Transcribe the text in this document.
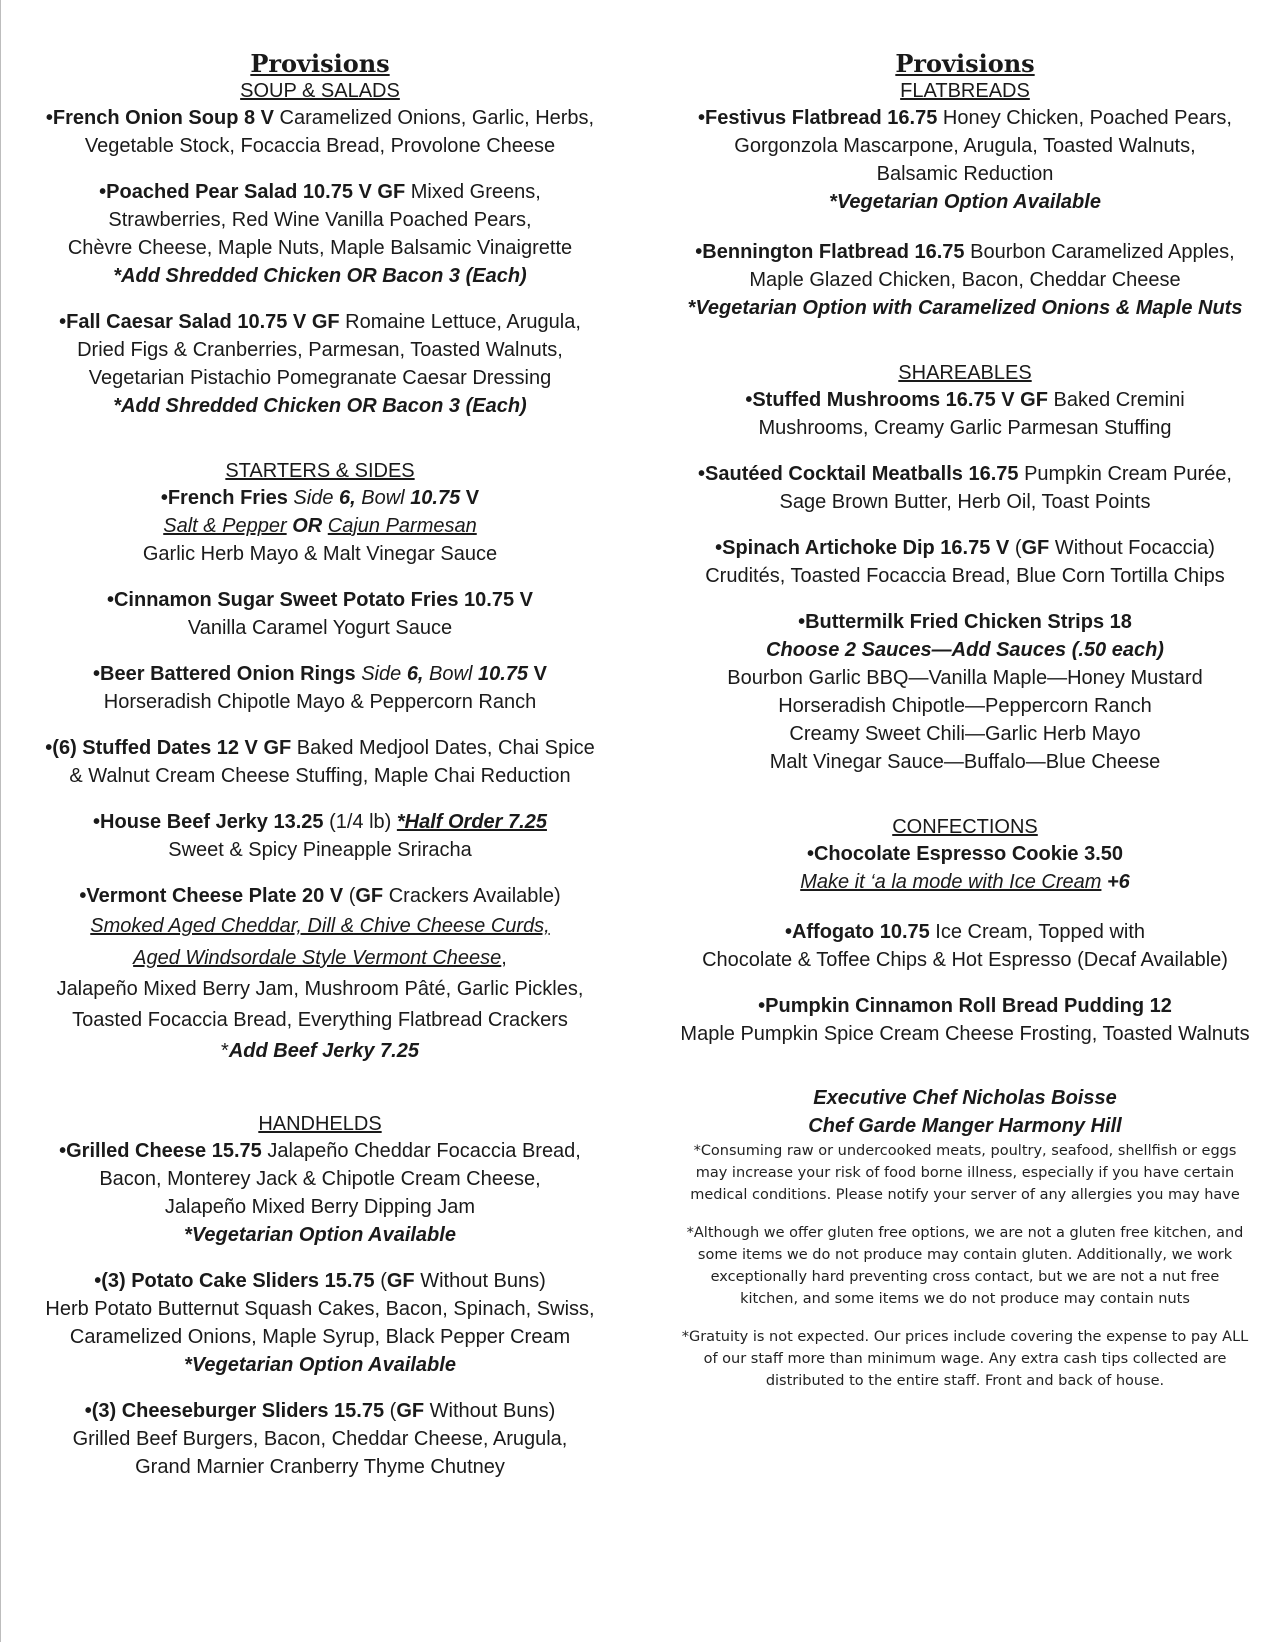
Provisions
SOUP & SALADS
•French Onion Soup 8 V Caramelized Onions, Garlic, Herbs,
Vegetable Stock, Focaccia Bread, Provolone Cheese
•Poached Pear Salad 10.75 V GF Mixed Greens,
Strawberries, Red Wine Vanilla Poached Pears,
Chèvre Cheese, Maple Nuts, Maple Balsamic Vinaigrette
*Add Shredded Chicken OR Bacon 3 (Each)
•Fall Caesar Salad 10.75 V GF Romaine Lettuce, Arugula,
Dried Figs & Cranberries, Parmesan, Toasted Walnuts,
Vegetarian Pistachio Pomegranate Caesar Dressing
*Add Shredded Chicken OR Bacon 3 (Each)
STARTERS & SIDES
•French Fries Side 6, Bowl 10.75 V
Salt & Pepper OR Cajun Parmesan
Garlic Herb Mayo & Malt Vinegar Sauce
•Cinnamon Sugar Sweet Potato Fries 10.75 V
Vanilla Caramel Yogurt Sauce
•Beer Battered Onion Rings Side 6, Bowl 10.75 V
Horseradish Chipotle Mayo & Peppercorn Ranch
•(6) Stuffed Dates 12 V GF Baked Medjool Dates, Chai Spice
& Walnut Cream Cheese Stuffing, Maple Chai Reduction
•House Beef Jerky 13.25 (1/4 lb) *Half Order 7.25
Sweet & Spicy Pineapple Sriracha
•Vermont Cheese Plate 20 V (GF Crackers Available)
Smoked Aged Cheddar, Dill & Chive Cheese Curds,
Aged Windsordale Style Vermont Cheese,
Jalapeño Mixed Berry Jam, Mushroom Pâté, Garlic Pickles,
Toasted Focaccia Bread, Everything Flatbread Crackers
*Add Beef Jerky 7.25
HANDHELDS
•Grilled Cheese 15.75 Jalapeño Cheddar Focaccia Bread,
Bacon, Monterey Jack & Chipotle Cream Cheese,
Jalapeño Mixed Berry Dipping Jam
*Vegetarian Option Available
•(3) Potato Cake Sliders 15.75 (GF Without Buns)
Herb Potato Butternut Squash Cakes, Bacon, Spinach, Swiss,
Caramelized Onions, Maple Syrup, Black Pepper Cream
*Vegetarian Option Available
•(3) Cheeseburger Sliders 15.75 (GF Without Buns)
Grilled Beef Burgers, Bacon, Cheddar Cheese, Arugula,
Grand Marnier Cranberry Thyme Chutney
Provisions
FLATBREADS
•Festivus Flatbread 16.75 Honey Chicken, Poached Pears,
Gorgonzola Mascarpone, Arugula, Toasted Walnuts,
Balsamic Reduction
*Vegetarian Option Available
•Bennington Flatbread 16.75 Bourbon Caramelized Apples,
Maple Glazed Chicken, Bacon, Cheddar Cheese
*Vegetarian Option with Caramelized Onions & Maple Nuts
SHAREABLES
•Stuffed Mushrooms 16.75 V GF Baked Cremini
Mushrooms, Creamy Garlic Parmesan Stuffing
•Sautéed Cocktail Meatballs 16.75 Pumpkin Cream Purée,
Sage Brown Butter, Herb Oil, Toast Points
•Spinach Artichoke Dip 16.75 V (GF Without Focaccia)
Crudités, Toasted Focaccia Bread, Blue Corn Tortilla Chips
•Buttermilk Fried Chicken Strips 18
Choose 2 Sauces—Add Sauces (.50 each)
Bourbon Garlic BBQ—Vanilla Maple—Honey Mustard
Horseradish Chipotle—Peppercorn Ranch
Creamy Sweet Chili—Garlic Herb Mayo
Malt Vinegar Sauce—Buffalo—Blue Cheese
CONFECTIONS
•Chocolate Espresso Cookie 3.50
Make it ‘a la mode with Ice Cream +6
•Affogato 10.75 Ice Cream, Topped with
Chocolate & Toffee Chips & Hot Espresso (Decaf Available)
•Pumpkin Cinnamon Roll Bread Pudding 12
Maple Pumpkin Spice Cream Cheese Frosting, Toasted Walnuts
Executive Chef Nicholas Boisse
Chef Garde Manger Harmony Hill
*Consuming raw or undercooked meats, poultry, seafood, shellfish or eggs
may increase your risk of food borne illness, especially if you have certain
medical conditions. Please notify your server of any allergies you may have
*Although we offer gluten free options, we are not a gluten free kitchen, and
some items we do not produce may contain gluten. Additionally, we work
exceptionally hard preventing cross contact, but we are not a nut free
kitchen, and some items we do not produce may contain nuts
*Gratuity is not expected. Our prices include covering the expense to pay ALL
of our staff more than minimum wage. Any extra cash tips collected are
distributed to the entire staff. Front and back of house.
